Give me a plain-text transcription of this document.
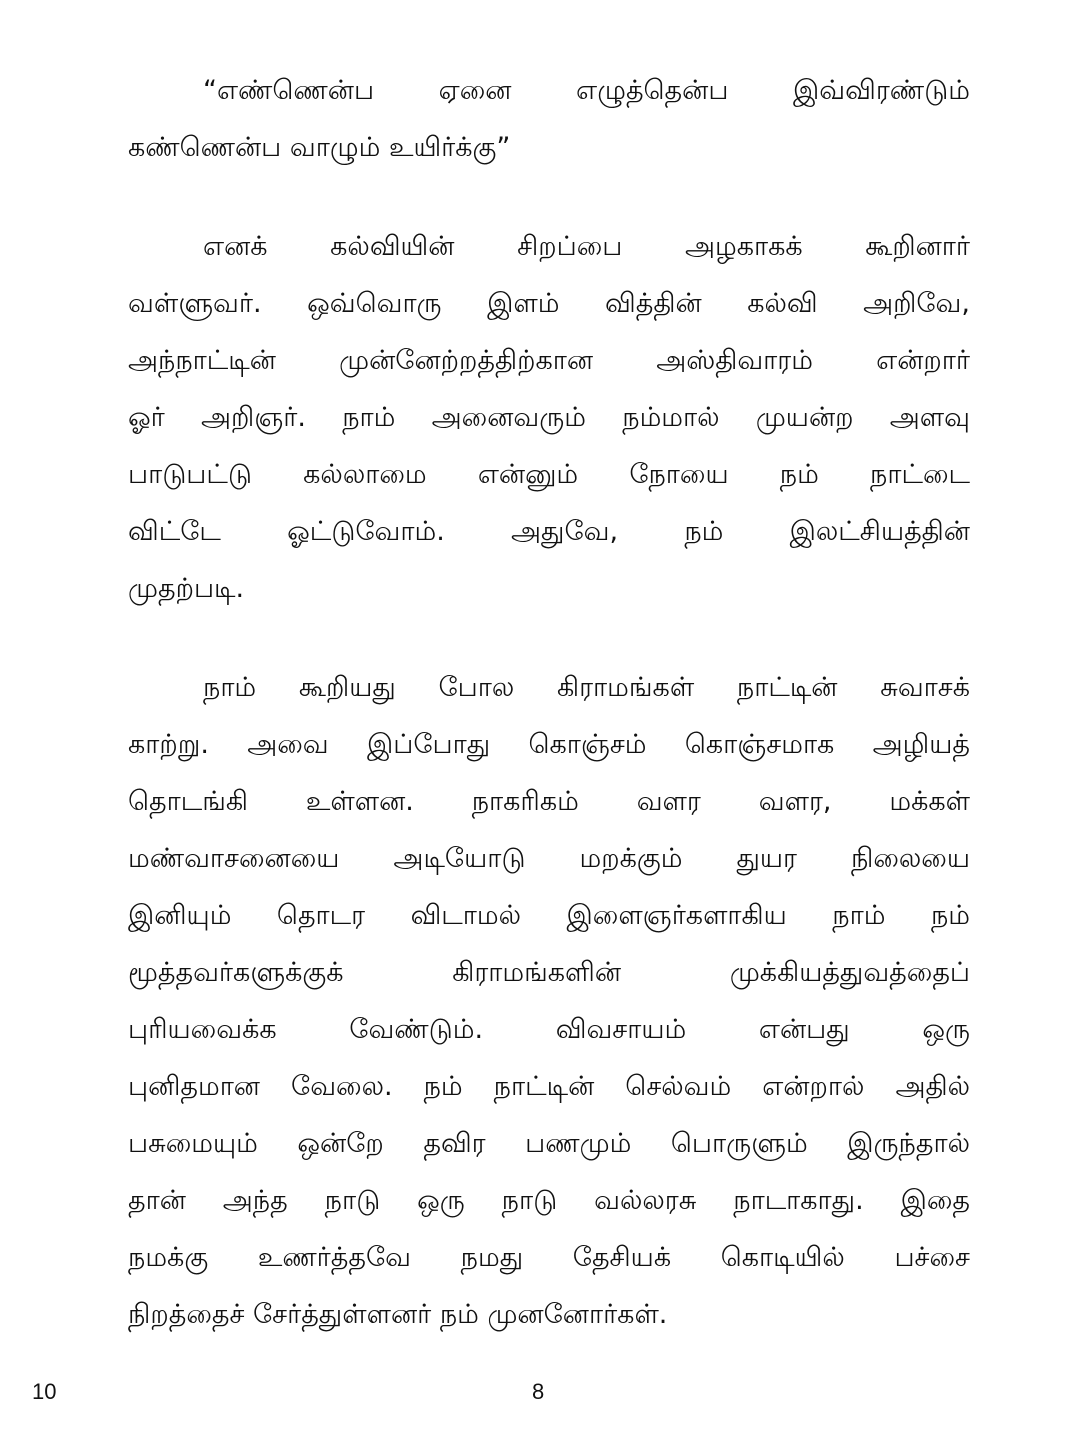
“எண்ணென்ப ஏனை எழுத்தென்ப இவ்விரண்டும்
கண்ணென்ப வாழும் உயிர்க்கு”
எனக் கல்வியின் சிறப்பை அழகாகக் கூறினார்
வள்ளுவர். ஒவ்வொரு இளம் வித்தின் கல்வி அறிவே,
அந்நாட்டின் முன்னேற்றத்திற்கான அஸ்திவாரம் என்றார்
ஓர் அறிஞர். நாம் அனைவரும் நம்மால் முயன்ற அளவு
பாடுபட்டு கல்லாமை என்னும் நோயை நம் நாட்டை
விட்டே ஓட்டுவோம். அதுவே, நம் இலட்சியத்தின்
முதற்படி.
நாம் கூறியது போல கிராமங்கள் நாட்டின் சுவாசக்
காற்று. அவை இப்போது கொஞ்சம் கொஞ்சமாக அழியத்
தொடங்கி உள்ளன. நாகரிகம் வளர வளர, மக்கள்
மண்வாசனையை அடியோடு மறக்கும் துயர நிலையை
இனியும் தொடர விடாமல் இளைஞர்களாகிய நாம் நம்
மூத்தவர்களுக்குக் கிராமங்களின் முக்கியத்துவத்தைப்
புரியவைக்க வேண்டும். விவசாயம் என்பது ஒரு
புனிதமான வேலை. நம் நாட்டின் செல்வம் என்றால் அதில்
பசுமையும் ஒன்றே தவிர பணமும் பொருளும் இருந்தால்
தான் அந்த நாடு ஒரு நாடு வல்லரசு நாடாகாது. இதை
நமக்கு உணர்த்தவே நமது தேசியக் கொடியில் பச்சை
நிறத்தைச் சேர்த்துள்ளனர் நம் முனனோர்கள்.
10	8
